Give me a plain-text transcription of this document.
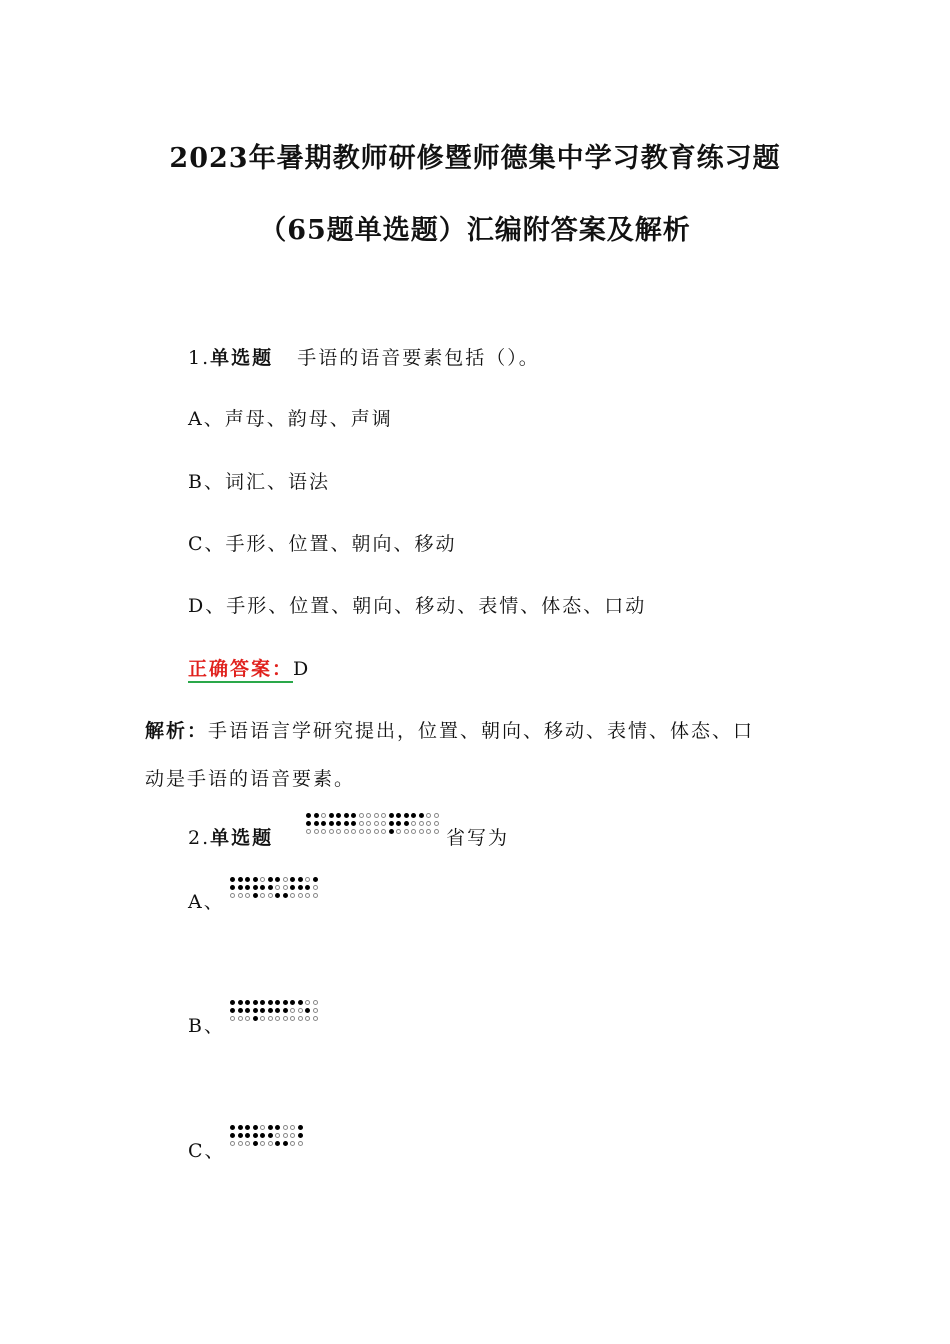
2023年暑期教师研修暨师德集中学习教育练习题
（65题单选题）汇编附答案及解析
1.单选题 手语的语音要素包括（）。
A、声母、韵母、声调
B、词汇、语法
C、手形、位置、朝向、移动
D、手形、位置、朝向、移动、表情、体态、口动
正确答案：D
解析：手语语言学研究提出，位置、朝向、移动、表情、体态、口
动是手语的语音要素。
2.单选题	省写为
A、
B、
C、
